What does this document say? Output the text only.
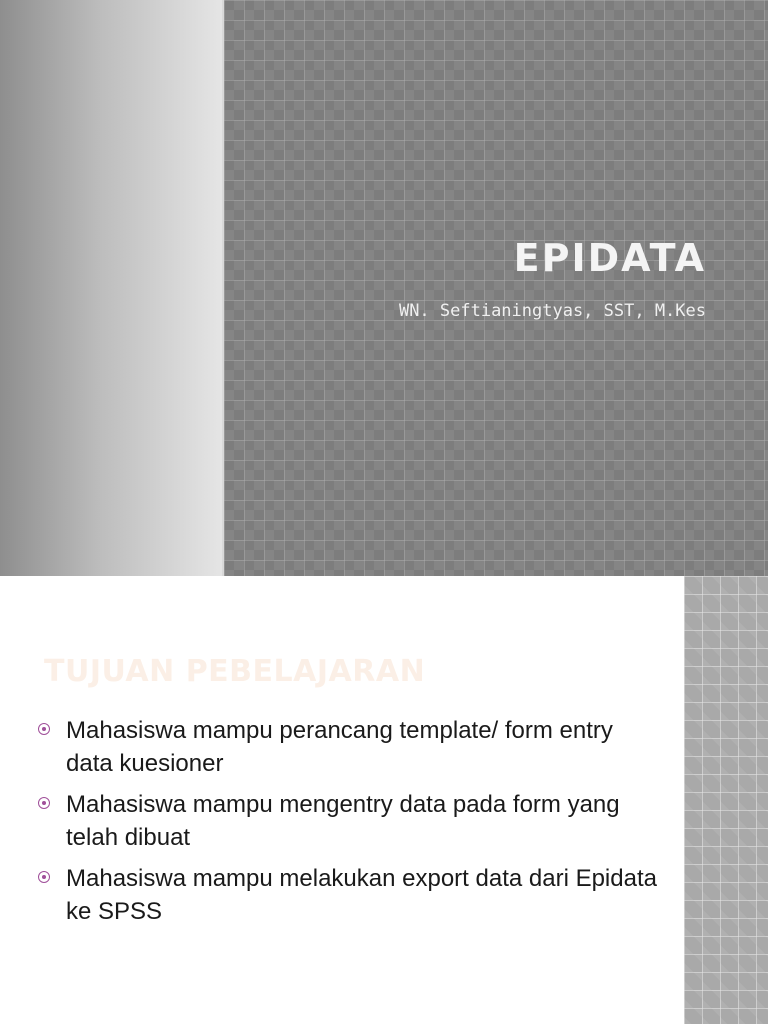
EPIDATA
WN. Seftianingtyas, SST, M.Kes
TUJUAN PEBELAJARAN
Mahasiswa mampu perancang template/ form entry data kuesioner
Mahasiswa mampu mengentry data pada form yang telah dibuat
Mahasiswa mampu melakukan export data dari Epidata ke SPSS
